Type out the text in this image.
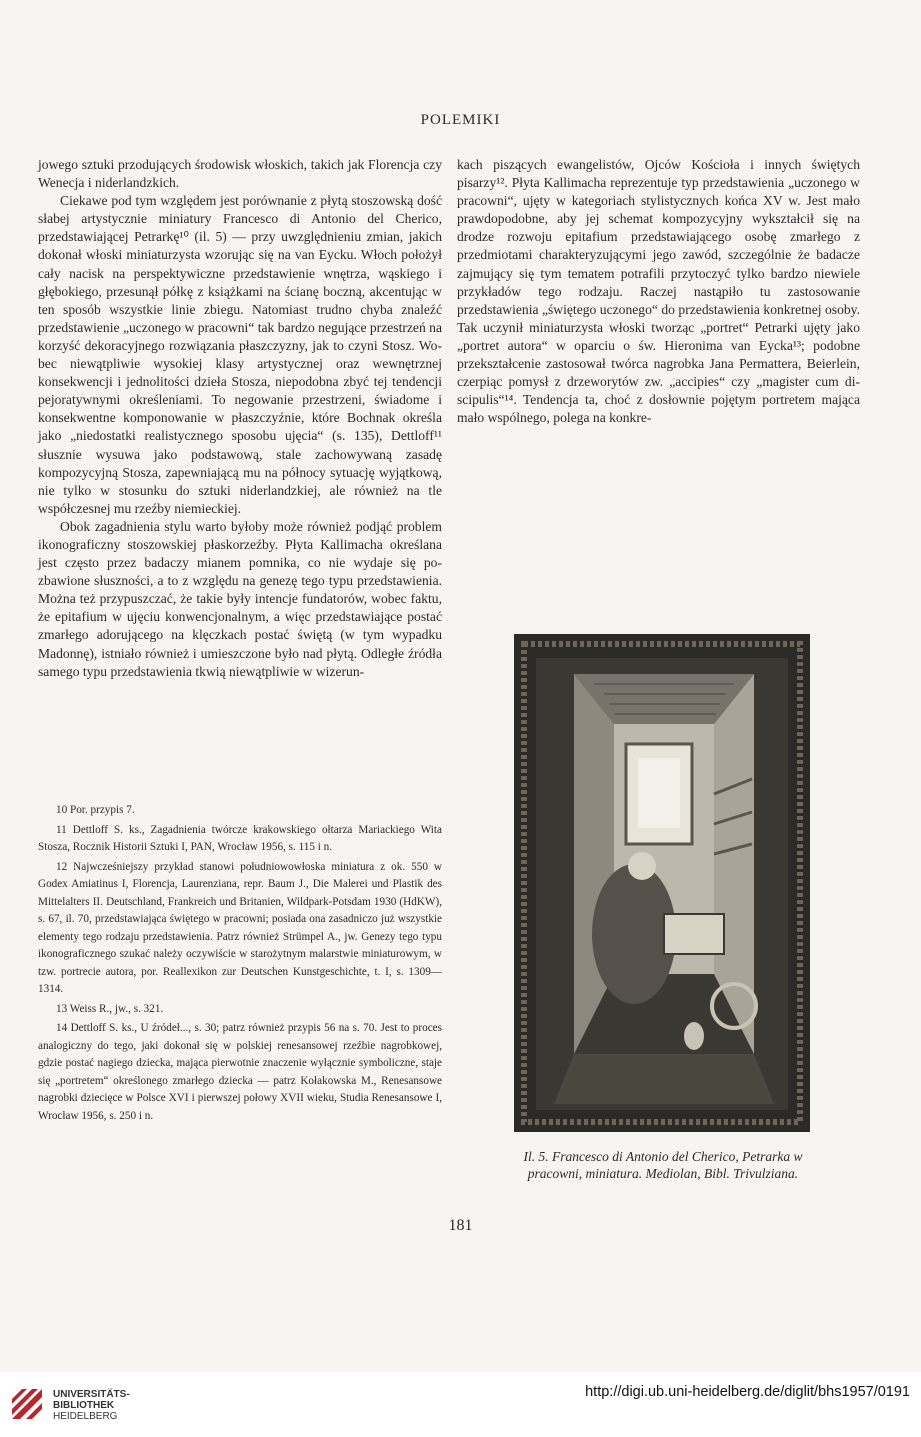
POLEMIKI

jowego sztuki przodujących środowisk włoskich, takich jak Florencja czy Wenecja i niderlandzkich.

Ciekawe pod tym względem jest porównanie z płytą stoszowską dość słabej artystycznie miniatury Francesco di Antonio del Cherico, przedstawiającej Petrarkę¹⁰ (il. 5) — przy uwzględnieniu zmian, jakich dokonał włoski miniaturzysta wzorując się na van Eycku. Włoch położył cały nacisk na perspektywiczne przedstawienie wnętrza, wąskiego i głębokiego, przesunął półkę z książkami na ścianę boczną, akcentując w ten sposób wszystkie linie zbiegu. Natomiast trudno chyba znaleźć przedstawienie „uczonego w pracowni“ tak bardzo negujące przestrzeń na korzyść dekoracyjnego rozwiązania płaszczyzny, jak to czyni Stosz. Wobec niewątpliwie wysokiej klasy artystycznej oraz wewnętrznej konsekwencji i jednolitości dzieła Stosza, niepodobna zbyć tej tendencji pejoratywnymi określeniami. To negowanie przestrzeni, świadome i konsekwentne komponowanie w płaszczyźnie, które Bochnak określa jako „niedostatki realistycznego sposobu ujęcia“ (s. 135), Dettloff¹¹ słusznie wysuwa jako podstawową, stale zachowywaną zasadę kompozycyjną Stosza, zapewniającą mu na północy sytuację wyjątkową, nie tylko w stosunku do sztuki niderlandzkiej, ale również na tle współczesnej mu rzeźby niemieckiej.

Obok zagadnienia stylu warto byłoby może również podjąć problem ikonograficzny stoszowskiej płaskorzeźby. Płyta Kallimacha określana jest często przez badaczy mianem pomnika, co nie wydaje się pozbawione słuszności, a to z względu na genezę tego typu przedstawienia. Można też przypuszczać, że takie były intencje fundatorów, wobec faktu, że epitafium w ujęciu konwencjonalnym, a więc przedstawiające postać zmarłego adorującego na klęczkach postać świętą (w tym wypadku Madonnę), istniało również i umieszczone było nad płytą. Odległe źródła samego typu przedstawienia tkwią niewątpliwie w wizerun-

kach piszących ewangelistów, Ojców Kościoła i innych świętych pisarzy¹². Płyta Kallimacha reprezentuje typ przedstawienia „uczonego w pracowni“, ujęty w kategoriach stylistycznych końca XV w. Jest mało prawdopodobne, aby jej schemat kompozycyjny wykształcił się na drodze rozwoju epitafium przedstawiającego osobę zmarłego z przedmiotami charakteryzującymi jego zawód, szczególnie że badacze zajmujący się tym tematem potrafili przytoczyć tylko bardzo niewiele przykładów tego rodzaju. Raczej nastąpiło tu zastosowanie przedstawienia „świętego uczonego“ do przedstawienia konkretnej osoby. Tak uczynił miniaturzysta włoski tworząc „portret“ Petrarki ujęty jako „portret autora“ w oparciu o św. Hieronima van Eycka¹³; podobne przekształcenie zastosował twórca nagrobka Jana Permattera, Beierlein, czerpiąc pomysł z drzeworytów zw. „accipies“ czy „magister cum discipulis“¹⁴. Tendencja ta, choć z dosłownie pojętym portretem mająca mało wspólnego, polega na konkre-

10 Por. przypis 7.

11 Dettloff S. ks., Zagadnienia twórcze krakowskiego ołtarza Mariackiego Wita Stosza, Rocznik Historii Sztuki I, PAN, Wrocław 1956, s. 115 i n.

12 Najwcześniejszy przykład stanowi południowowłoska miniatura z ok. 550 w Godex Amiatinus I, Florencja, Laurenziana, repr. Baum J., Die Malerei und Plastik des Mittelalters II. Deutschland, Frankreich und Britanien, Wildpark-Potsdam 1930 (HdKW), s. 67, il. 70, przedstawiająca świętego w pracowni; posiada ona zasadniczo już wszystkie elementy tego rodzaju przedstawienia. Patrz również Strümpel A., jw. Genezy tego typu ikonograficznego szukać należy oczywiście w starożytnym malarstwie miniaturowym, w tzw. portrecie autora, por. Reallexikon zur Deutschen Kunstgeschichte, t. I, s. 1309—1314.

13 Weiss R., jw., s. 321.

14 Dettloff S. ks., U źródeł..., s. 30; patrz również przypis 56 na s. 70. Jest to proces analogiczny do tego, jaki dokonał się w polskiej renesansowej rzeźbie nagrobkowej, gdzie postać nagiego dziecka, mająca pierwotnie znaczenie wyłącznie symboliczne, staje się „portretem“ określonego zmarłego dziecka — patrz Kołakowska M., Renesansowe nagrobki dziecięce w Polsce XVI i pierwszej połowy XVII wieku, Studia Renesansowe I, Wrocław 1956, s. 250 i n.

Il. 5. Francesco di Antonio del Cherico, Petrarka w pracowni, miniatura. Mediolan, Bibl. Trivulziana.
181
UNIVERSITÄTS-
BIBLIOTHEK
HEIDELBERG
http://digi.ub.uni-heidelberg.de/diglit/bhs1957/0191
